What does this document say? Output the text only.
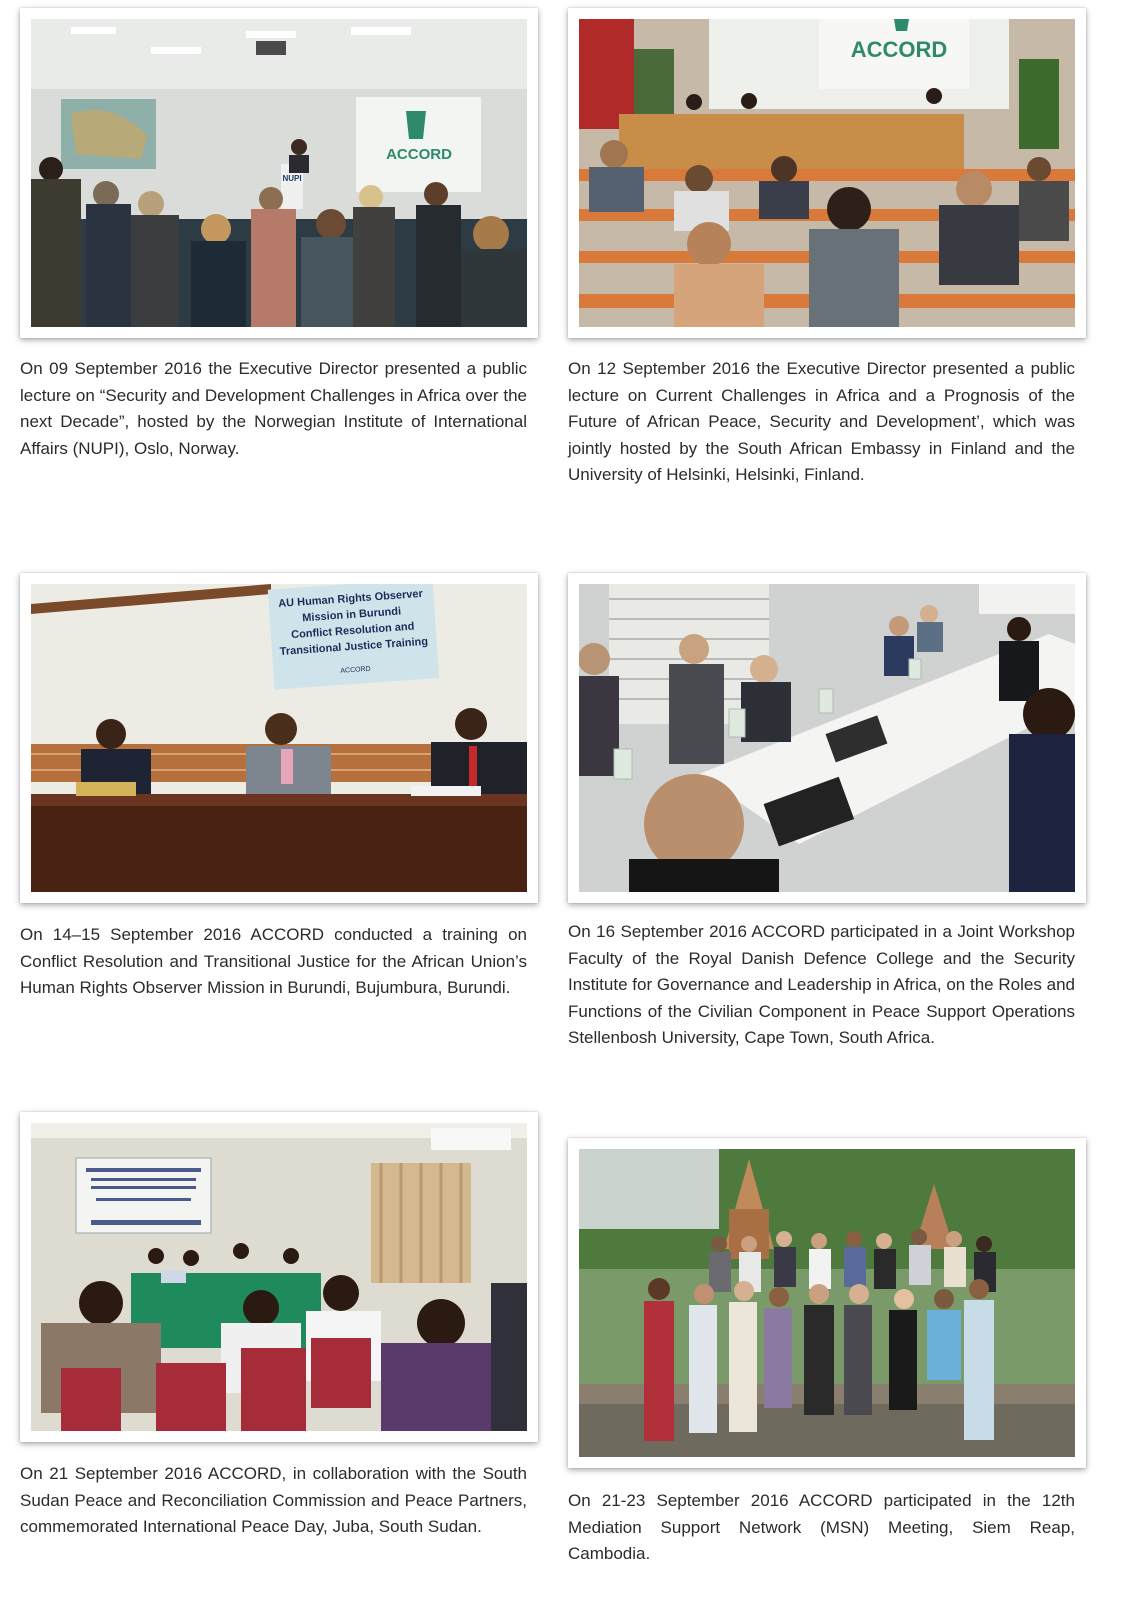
ACCORD
NUPI

On 09 September 2016 the Executive Director presented a public lecture on “Security and Development Challenges in Africa over the next Decade”, hosted by the Norwegian Institute of International Affairs (NUPI), Oslo, Norway.

ACCORD

On 12 September 2016 the Executive Director presented a public lecture on Current Challenges in Africa and a Prognosis of the Future of African Peace, Security and Development’, which was jointly hosted by the South African Embassy in Finland and the University of Helsinki, Helsinki, Finland.

AU Human Rights Observer
Mission in Burundi
Conflict Resolution and
Transitional Justice Training
ACCORD

On 14–15 September 2016 ACCORD conducted a training on Conflict Resolution and Transitional Justice for the African Union’s Human Rights Observer Mission in Burundi, Bujumbura, Burundi.

On 16 September 2016 ACCORD participated in a Joint Workshop Faculty of the Royal Danish Defence College and the Security Institute for Governance and Leadership in Africa, on the Roles and Functions of the Civilian Component in Peace Support Operations Stellenbosh University, Cape Town, South Africa.

On 21 September 2016 ACCORD, in collaboration with the South Sudan Peace and Reconciliation Commission and Peace Partners, commemorated International Peace Day, Juba, South Sudan.

On 21-23 September 2016 ACCORD participated in the 12th Mediation Support Network (MSN) Meeting, Siem Reap, Cambodia.
